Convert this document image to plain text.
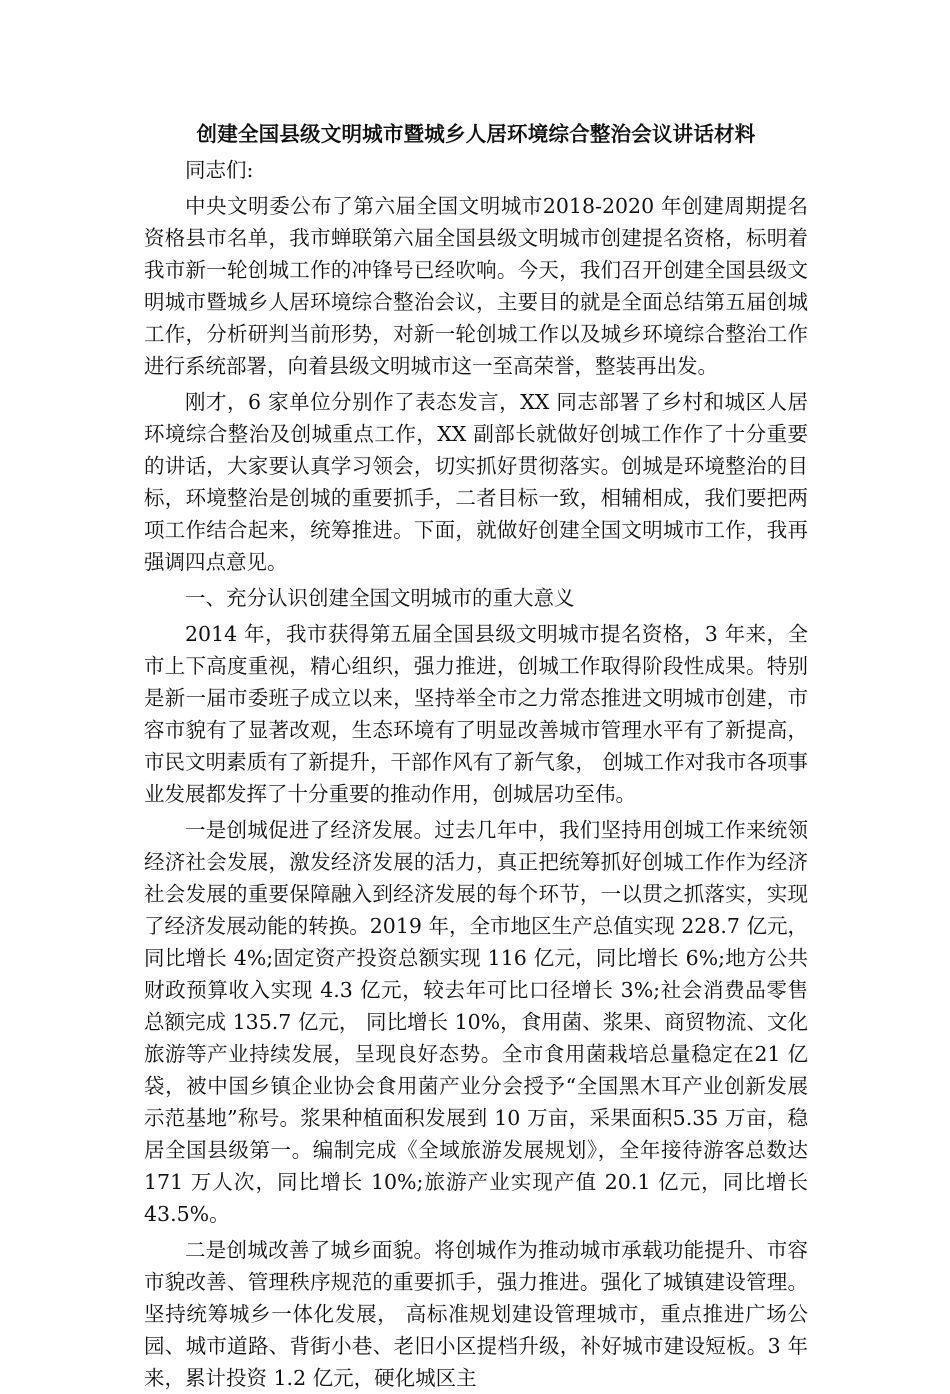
创建全国县级文明城市暨城乡人居环境综合整治会议讲话材料

同志们:

中央文明委公布了第六届全国文明城市2018-2020 年创建周期提名资格县市名单，我市蝉联第六届全国县级文明城市创建提名资格，标明着我市新一轮创城工作的冲锋号已经吹响。今天，我们召开创建全国县级文明城市暨城乡人居环境综合整治会议，主要目的就是全面总结第五届创城工作，分析研判当前形势，对新一轮创城工作以及城乡环境综合整治工作进行系统部署，向着县级文明城市这一至高荣誉，整装再出发。

刚才，6 家单位分别作了表态发言，XX 同志部署了乡村和城区人居环境综合整治及创城重点工作，XX 副部长就做好创城工作作了十分重要的讲话，大家要认真学习领会，切实抓好贯彻落实。创城是环境整治的目标，环境整治是创城的重要抓手，二者目标一致，相辅相成，我们要把两项工作结合起来，统筹推进。下面，就做好创建全国文明城市工作，我再强调四点意见。

一、充分认识创建全国文明城市的重大意义

2014 年，我市获得第五届全国县级文明城市提名资格，3 年来，全市上下高度重视，精心组织，强力推进，创城工作取得阶段性成果。特别是新一届市委班子成立以来，坚持举全市之力常态推进文明城市创建，市容市貌有了显著改观，生态环境有了明显改善城市管理水平有了新提高，市民文明素质有了新提升，干部作风有了新气象， 创城工作对我市各项事业发展都发挥了十分重要的推动作用，创城居功至伟。

一是创城促进了经济发展。过去几年中，我们坚持用创城工作来统领经济社会发展，激发经济发展的活力，真正把统筹抓好创城工作作为经济社会发展的重要保障融入到经济发展的每个环节，一以贯之抓落实，实现了经济发展动能的转换。2019 年，全市地区生产总值实现 228.7 亿元，同比增长 4%;固定资产投资总额实现 116 亿元，同比增长 6%;地方公共财政预算收入实现 4.3 亿元，较去年可比口径增长 3%;社会消费品零售总额完成 135.7 亿元， 同比增长 10%，食用菌、浆果、商贸物流、文化旅游等产业持续发展，呈现良好态势。全市食用菌栽培总量稳定在21 亿袋，被中国乡镇企业协会食用菌产业分会授予“全国黑木耳产业创新发展示范基地”称号。浆果种植面积发展到 10 万亩，采果面积5.35 万亩，稳居全国县级第一。编制完成《全域旅游发展规划》，全年接待游客总数达 171 万人次，同比增长 10%;旅游产业实现产值 20.1 亿元，同比增长 43.5%。

二是创城改善了城乡面貌。将创城作为推动城市承载功能提升、市容市貌改善、管理秩序规范的重要抓手，强力推进。强化了城镇建设管理。坚持统筹城乡一体化发展， 高标准规划建设管理城市，重点推进广场公园、城市道路、背街小巷、老旧小区提档升级，补好城市建设短板。3 年来，累计投资 1.2 亿元，硬化城区主
